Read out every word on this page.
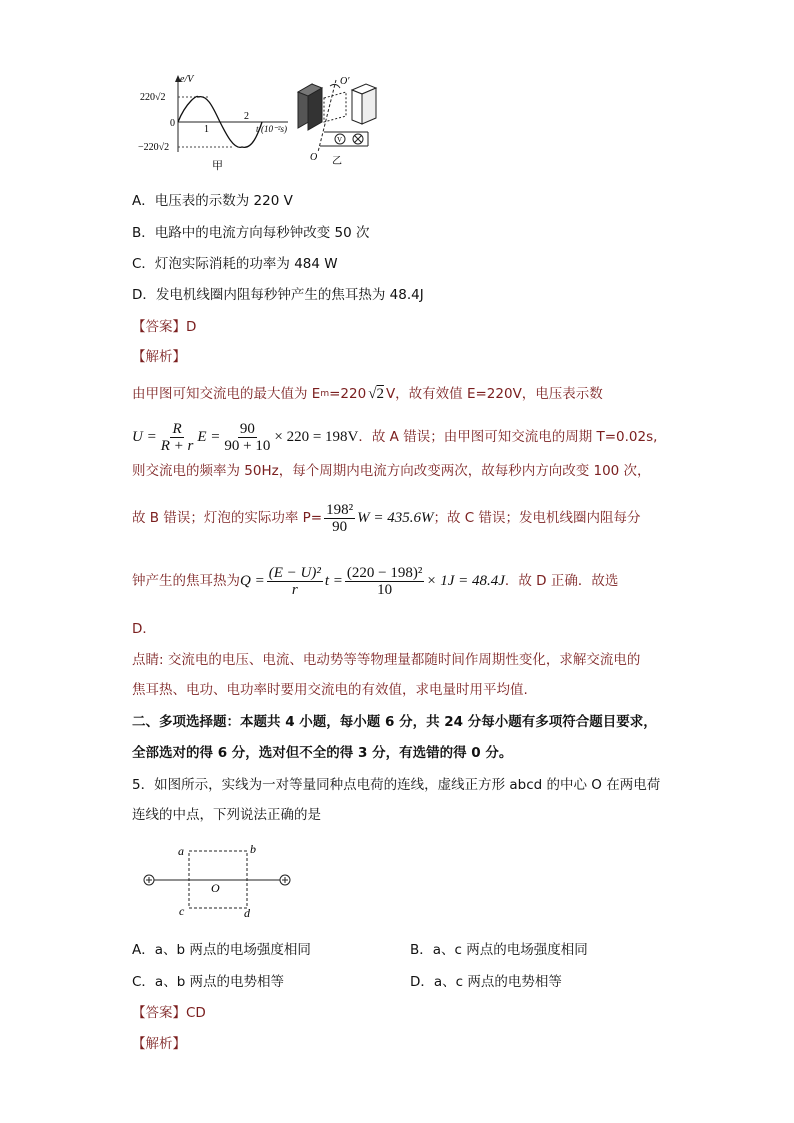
e/V
220√2
0
1
2
t/(10⁻²s)
−220√2
甲
O′
V
O 乙
A．电压表的示数为 220 V
B．电路中的电流方向每秒钟改变 50 次
C．灯泡实际消耗的功率为 484 W
D．发电机线圈内阻每秒钟产生的焦耳热为 48.4J
【答案】D
【解析】
由甲图可知交流电的最大值为 E m =220 √2 V，故有效值 E=220V，电压表示数
$U = \frac{R}{R + r}$ $E = \frac{90}{90 + 10} \times 220 = 198V$ ．故 A 错误；由甲图可知交流电的周期 T=0.02s,
则交流电的频率为 50Hz，每个周期内电流方向改变两次，故每秒内方向改变 100 次，
故 B 错误；灯泡的实际功率 $P= \frac{\text{198²}}{90}$ W = 435.6W ；故 C 错误；发电机线圈内阻每分
钟产生的焦耳热为 $Q = \frac{\text{(E − U)²}}{r}$ $t = \frac{\text{(220 − 198)²}}{10} \times 1J = 48.4J$ ．故 D 正确．故选
D．
点睛: 交流电的电压、电流、电动势等等物理量都随时间作周期性变化，求解交流电的
焦耳热、电功、电功率时要用交流电的有效值，求电量时用平均值.
二、多项选择题：本题共 4 小题，每小题 6 分，共 24 分每小题有多项符合题目要求，
全部选对的得 6 分，选对但不全的得 3 分，有选错的得 0 分。
5．如图所示，实线为一对等量同种点电荷的连线，虚线正方形 abcd 的中心 O 在两电荷
连线的中点，下列说法正确的是
a	b
c	d
O
A．a、b 两点的电场强度相同	B．a、c 两点的电场强度相同
C．a、b 两点的电势相等	D．a、c 两点的电势相等
【答案】CD
【解析】
